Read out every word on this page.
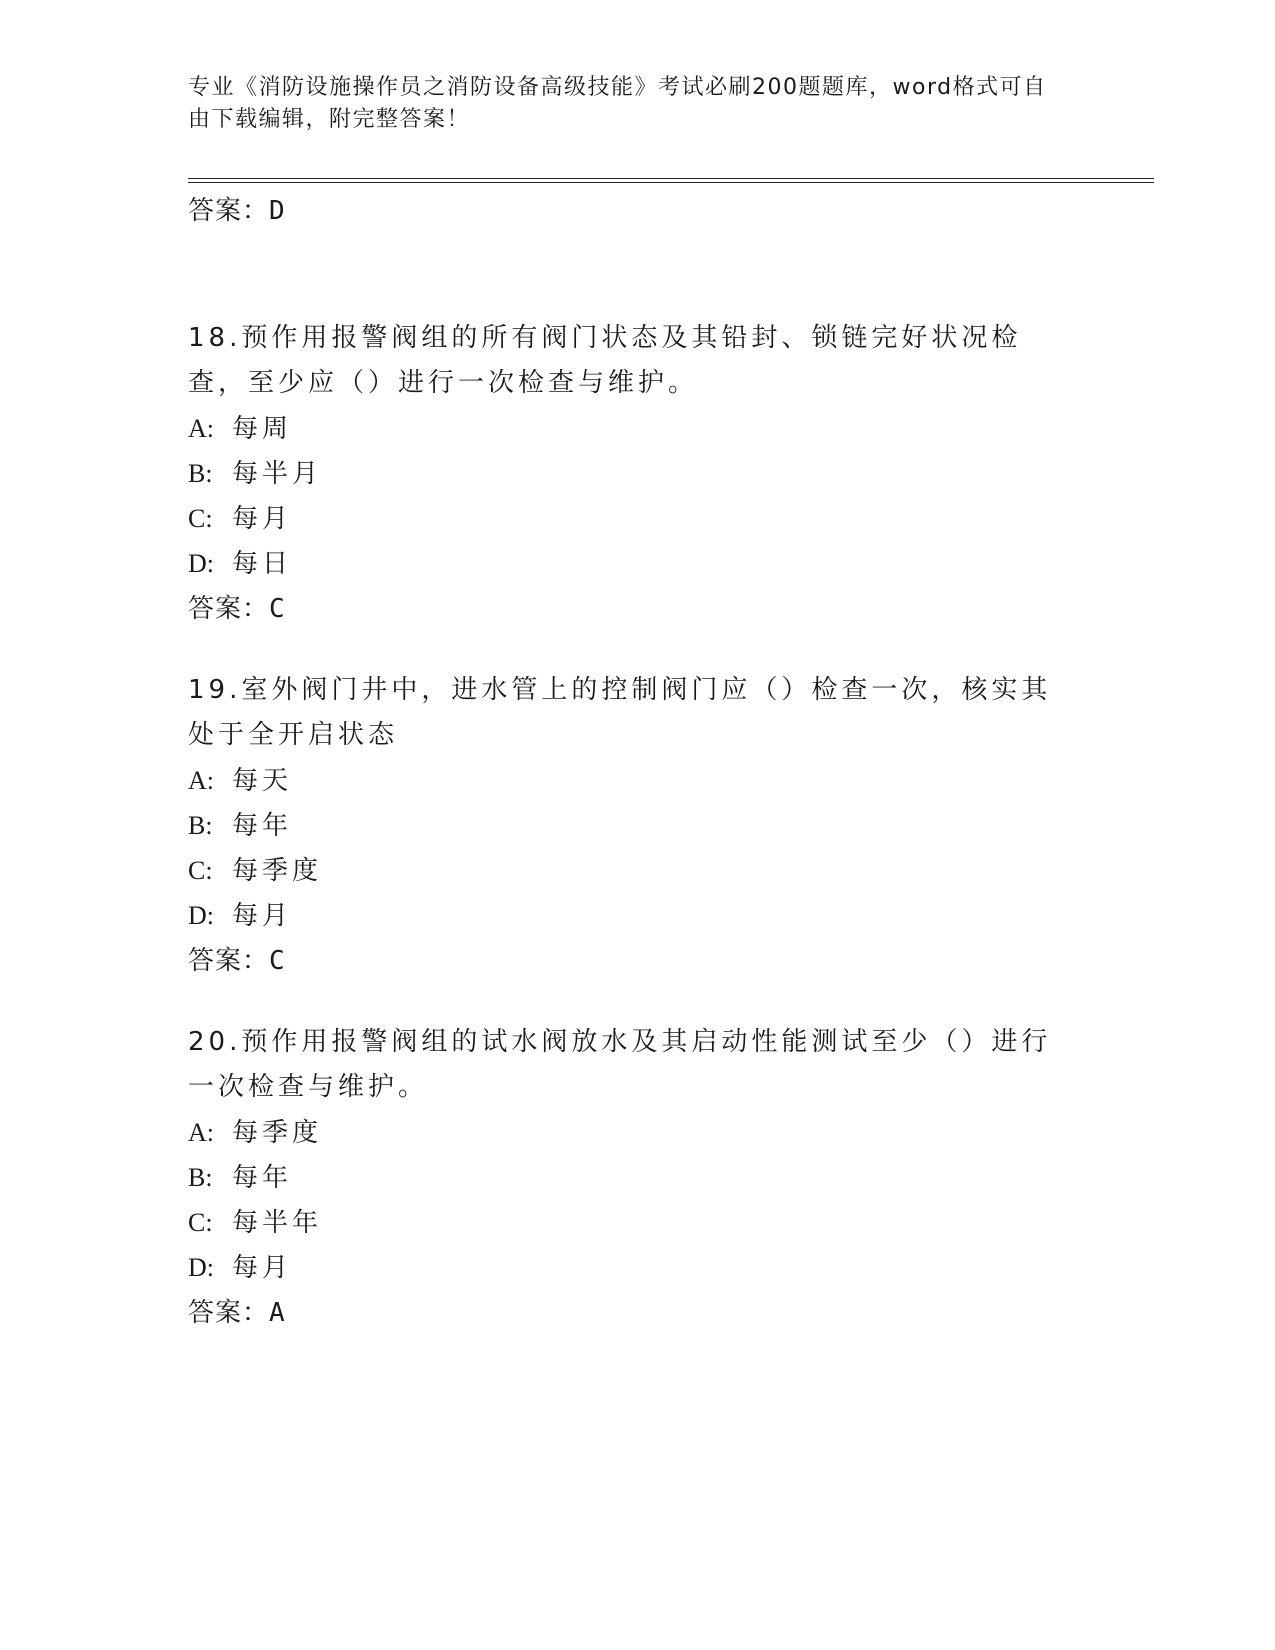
专业《消防设施操作员之消防设备高级技能》考试必刷200题题库，word格式可自由下载编辑，附完整答案！
答案：D
18.预作用报警阀组的所有阀门状态及其铅封、锁链完好状况检查，至少应（）进行一次检查与维护。
A: 每周
B: 每半月
C: 每月
D: 每日
答案：C
19.室外阀门井中，进水管上的控制阀门应（）检查一次，核实其处于全开启状态
A: 每天
B: 每年
C: 每季度
D: 每月
答案：C
20.预作用报警阀组的试水阀放水及其启动性能测试至少（）进行一次检查与维护。
A: 每季度
B: 每年
C: 每半年
D: 每月
答案：A
